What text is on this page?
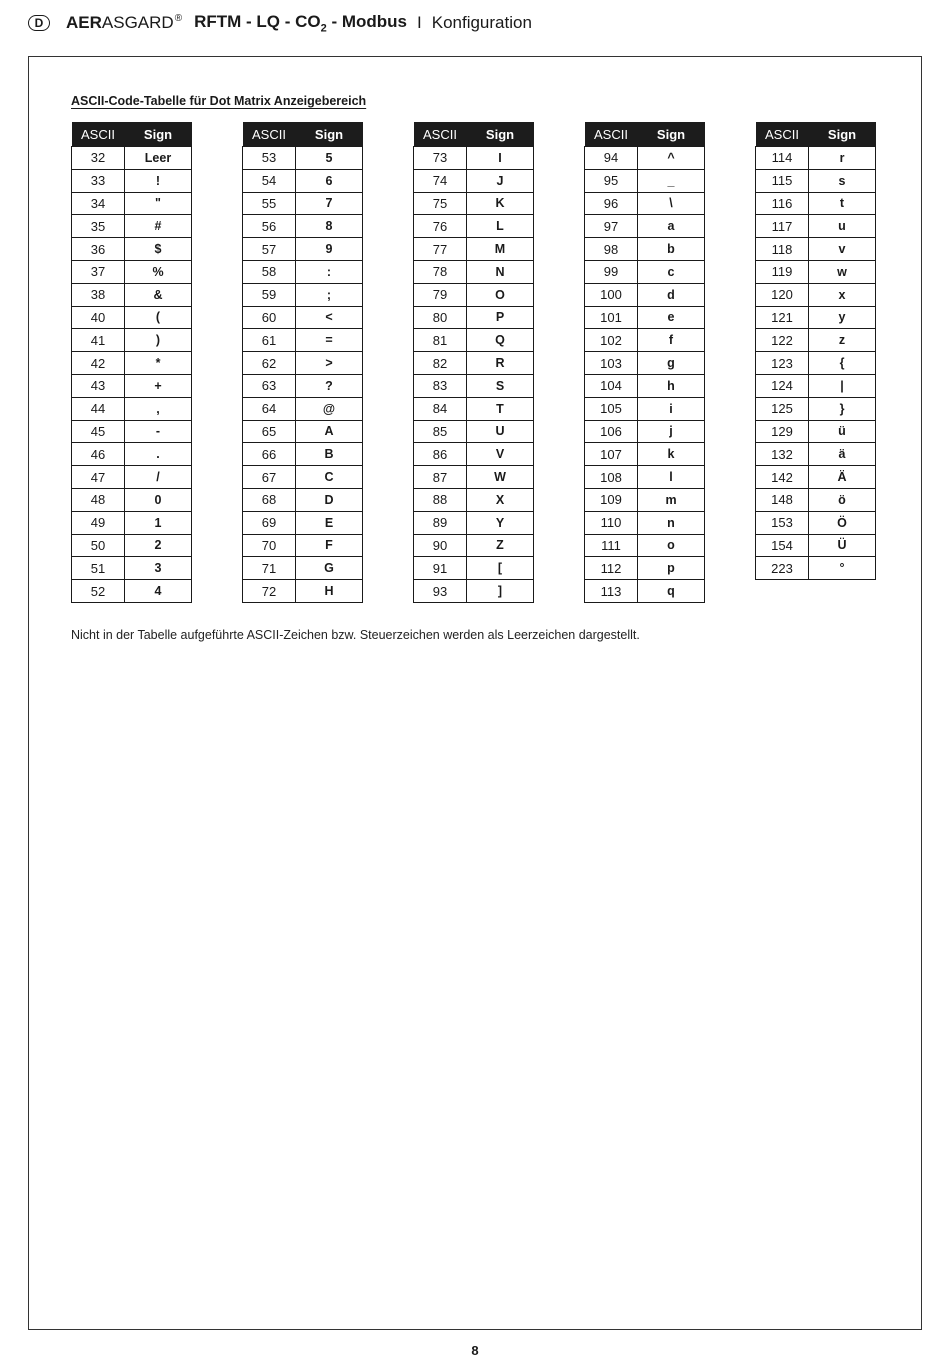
D	AERASGARD® RFTM - LQ - $CO_2$ - Modbus I Konfiguration
ASCII-Code-Tabelle für Dot Matrix Anzeigebereich
ASCII	Sign
32	Leer
33	!
34	"
35	#
36	$
37	%
38	&
40	(
41	)
42	*
43	+
44	,
45	-
46	.
47	/
48	0
49	1
50	2
51	3
52	4
ASCII	Sign
53	5
54	6
55	7
56	8
57	9
58	:
59	;
60	<
61	=
62	>
63	?
64	@
65	A
66	B
67	C
68	D
69	E
70	F
71	G
72	H
ASCII	Sign
73	I
74	J
75	K
76	L
77	M
78	N
79	O
80	P
81	Q
82	R
83	S
84	T
85	U
86	V
87	W
88	X
89	Y
90	Z
91	[
93	]
ASCII	Sign
94	^
95	_
96	\
97	a
98	b
99	c
100	d
101	e
102	f
103	g
104	h
105	i
106	j
107	k
108	l
109	m
110	n
111	o
112	p
113	q
ASCII	Sign
114	r
115	s
116	t
117	u
118	v
119	w
120	x
121	y
122	z
123	{
124	|
125	}
129	ü
132	ä
142	Ä
148	ö
153	Ö
154	Ü
223	°
Nicht in der Tabelle aufgeführte ASCII-Zeichen bzw. Steuerzeichen werden als Leerzeichen dargestellt.
8
